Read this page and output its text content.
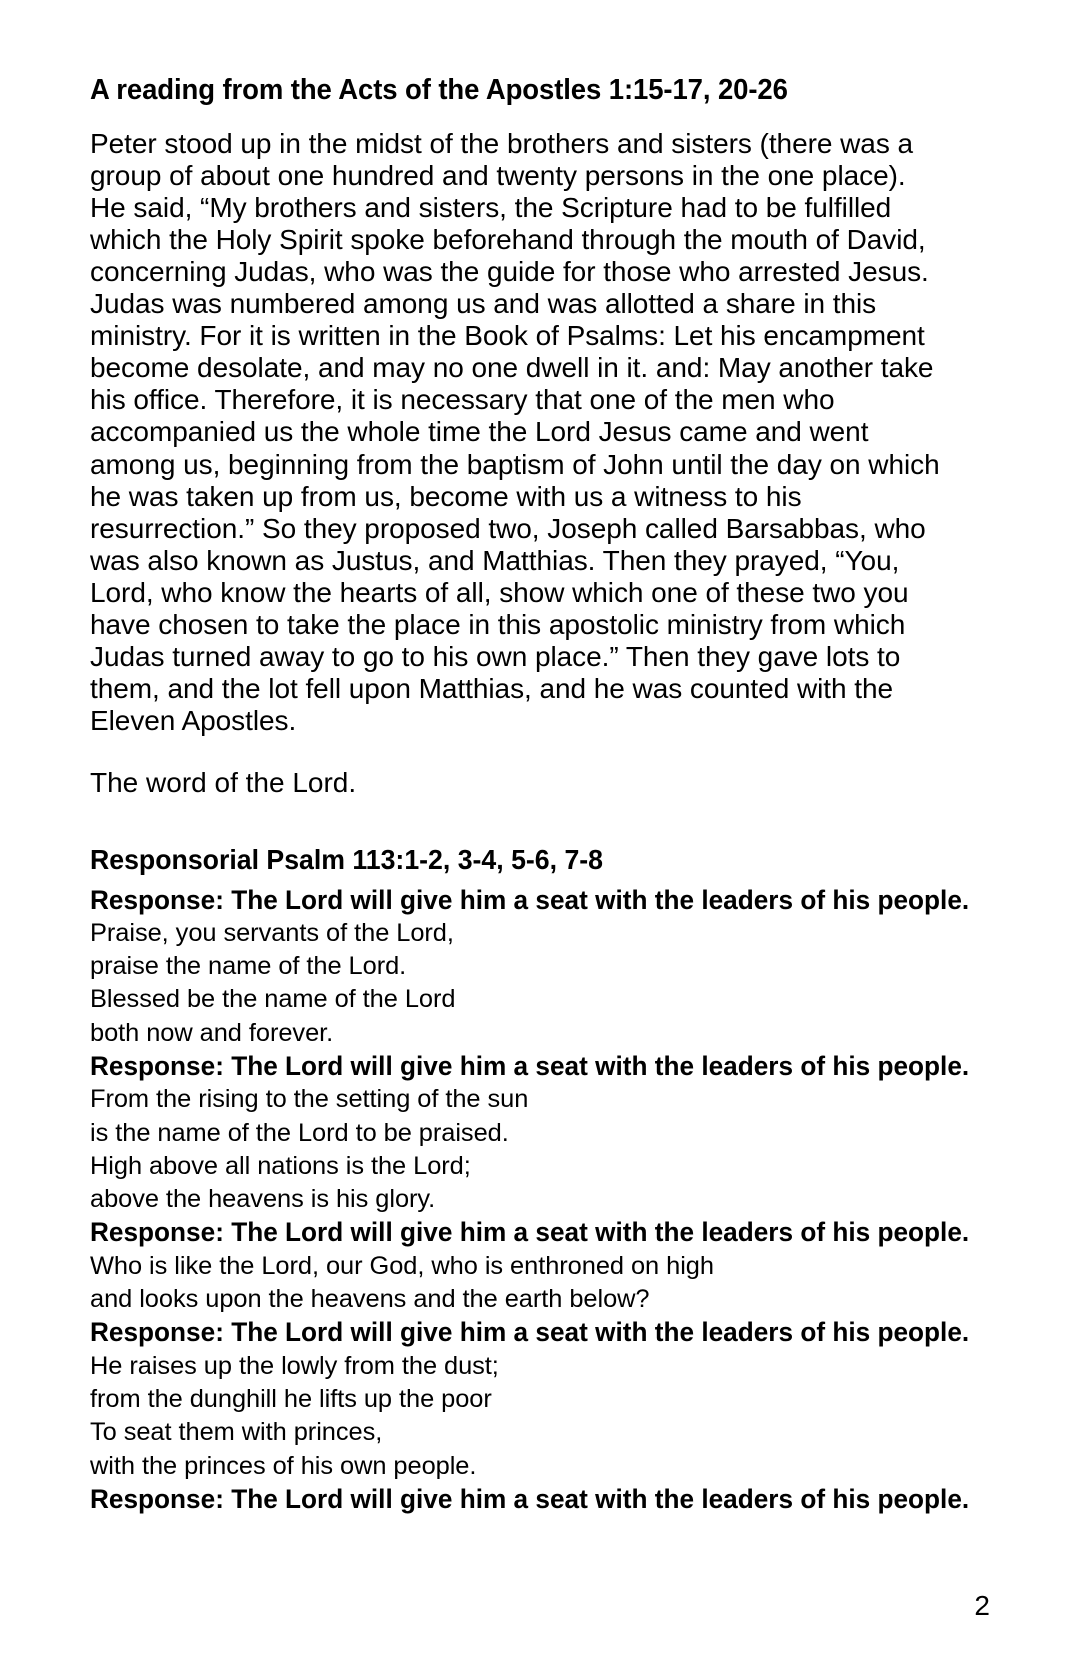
A reading from the Acts of the Apostles 1:15-17, 20-26

Peter stood up in the midst of the brothers and sisters (there was a group of about one hundred and twenty persons in the one place). He said, “My brothers and sisters, the Scripture had to be fulfilled which the Holy Spirit spoke beforehand through the mouth of David, concerning Judas, who was the guide for those who arrested Jesus. Judas was numbered among us and was allotted a share in this ministry. For it is written in the Book of Psalms: Let his encampment become desolate, and may no one dwell in it. and: May another take his office. Therefore, it is necessary that one of the men who accompanied us the whole time the Lord Jesus came and went among us, beginning from the baptism of John until the day on which he was taken up from us, become with us a witness to his resurrection.” So they proposed two, Joseph called Barsabbas, who was also known as Justus, and Matthias. Then they prayed, “You, Lord, who know the hearts of all, show which one of these two you have chosen to take the place in this apostolic ministry from which Judas turned away to go to his own place.” Then they gave lots to them, and the lot fell upon Matthias, and he was counted with the Eleven Apostles.

The word of the Lord.

Responsorial Psalm 113:1-2, 3-4, 5-6, 7-8

Response: The Lord will give him a seat with the leaders of his people.

Praise, you servants of the Lord,

praise the name of the Lord.

Blessed be the name of the Lord

both now and forever.

Response: The Lord will give him a seat with the leaders of his people.

From the rising to the setting of the sun

is the name of the Lord to be praised.

High above all nations is the Lord;

above the heavens is his glory.

Response: The Lord will give him a seat with the leaders of his people.

Who is like the Lord, our God, who is enthroned on high

and looks upon the heavens and the earth below?

Response: The Lord will give him a seat with the leaders of his people.

He raises up the lowly from the dust;

from the dunghill he lifts up the poor

To seat them with princes,

with the princes of his own people.

Response: The Lord will give him a seat with the leaders of his people.

2
